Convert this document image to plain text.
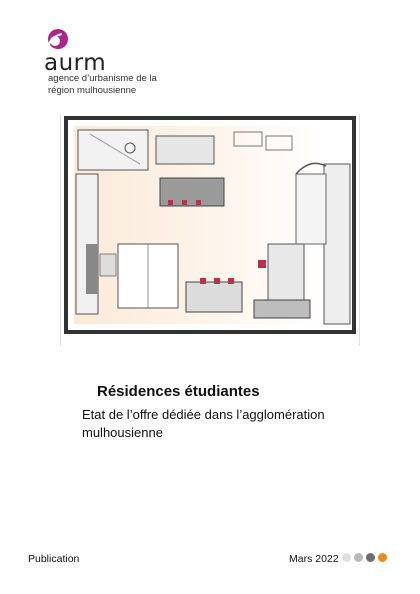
aurm
agence d’urbanisme de la région mulhousienne
Résidences étudiantes
Etat de l’offre dédiée dans l’agglomération mulhousienne
Publication	Mars 2022
